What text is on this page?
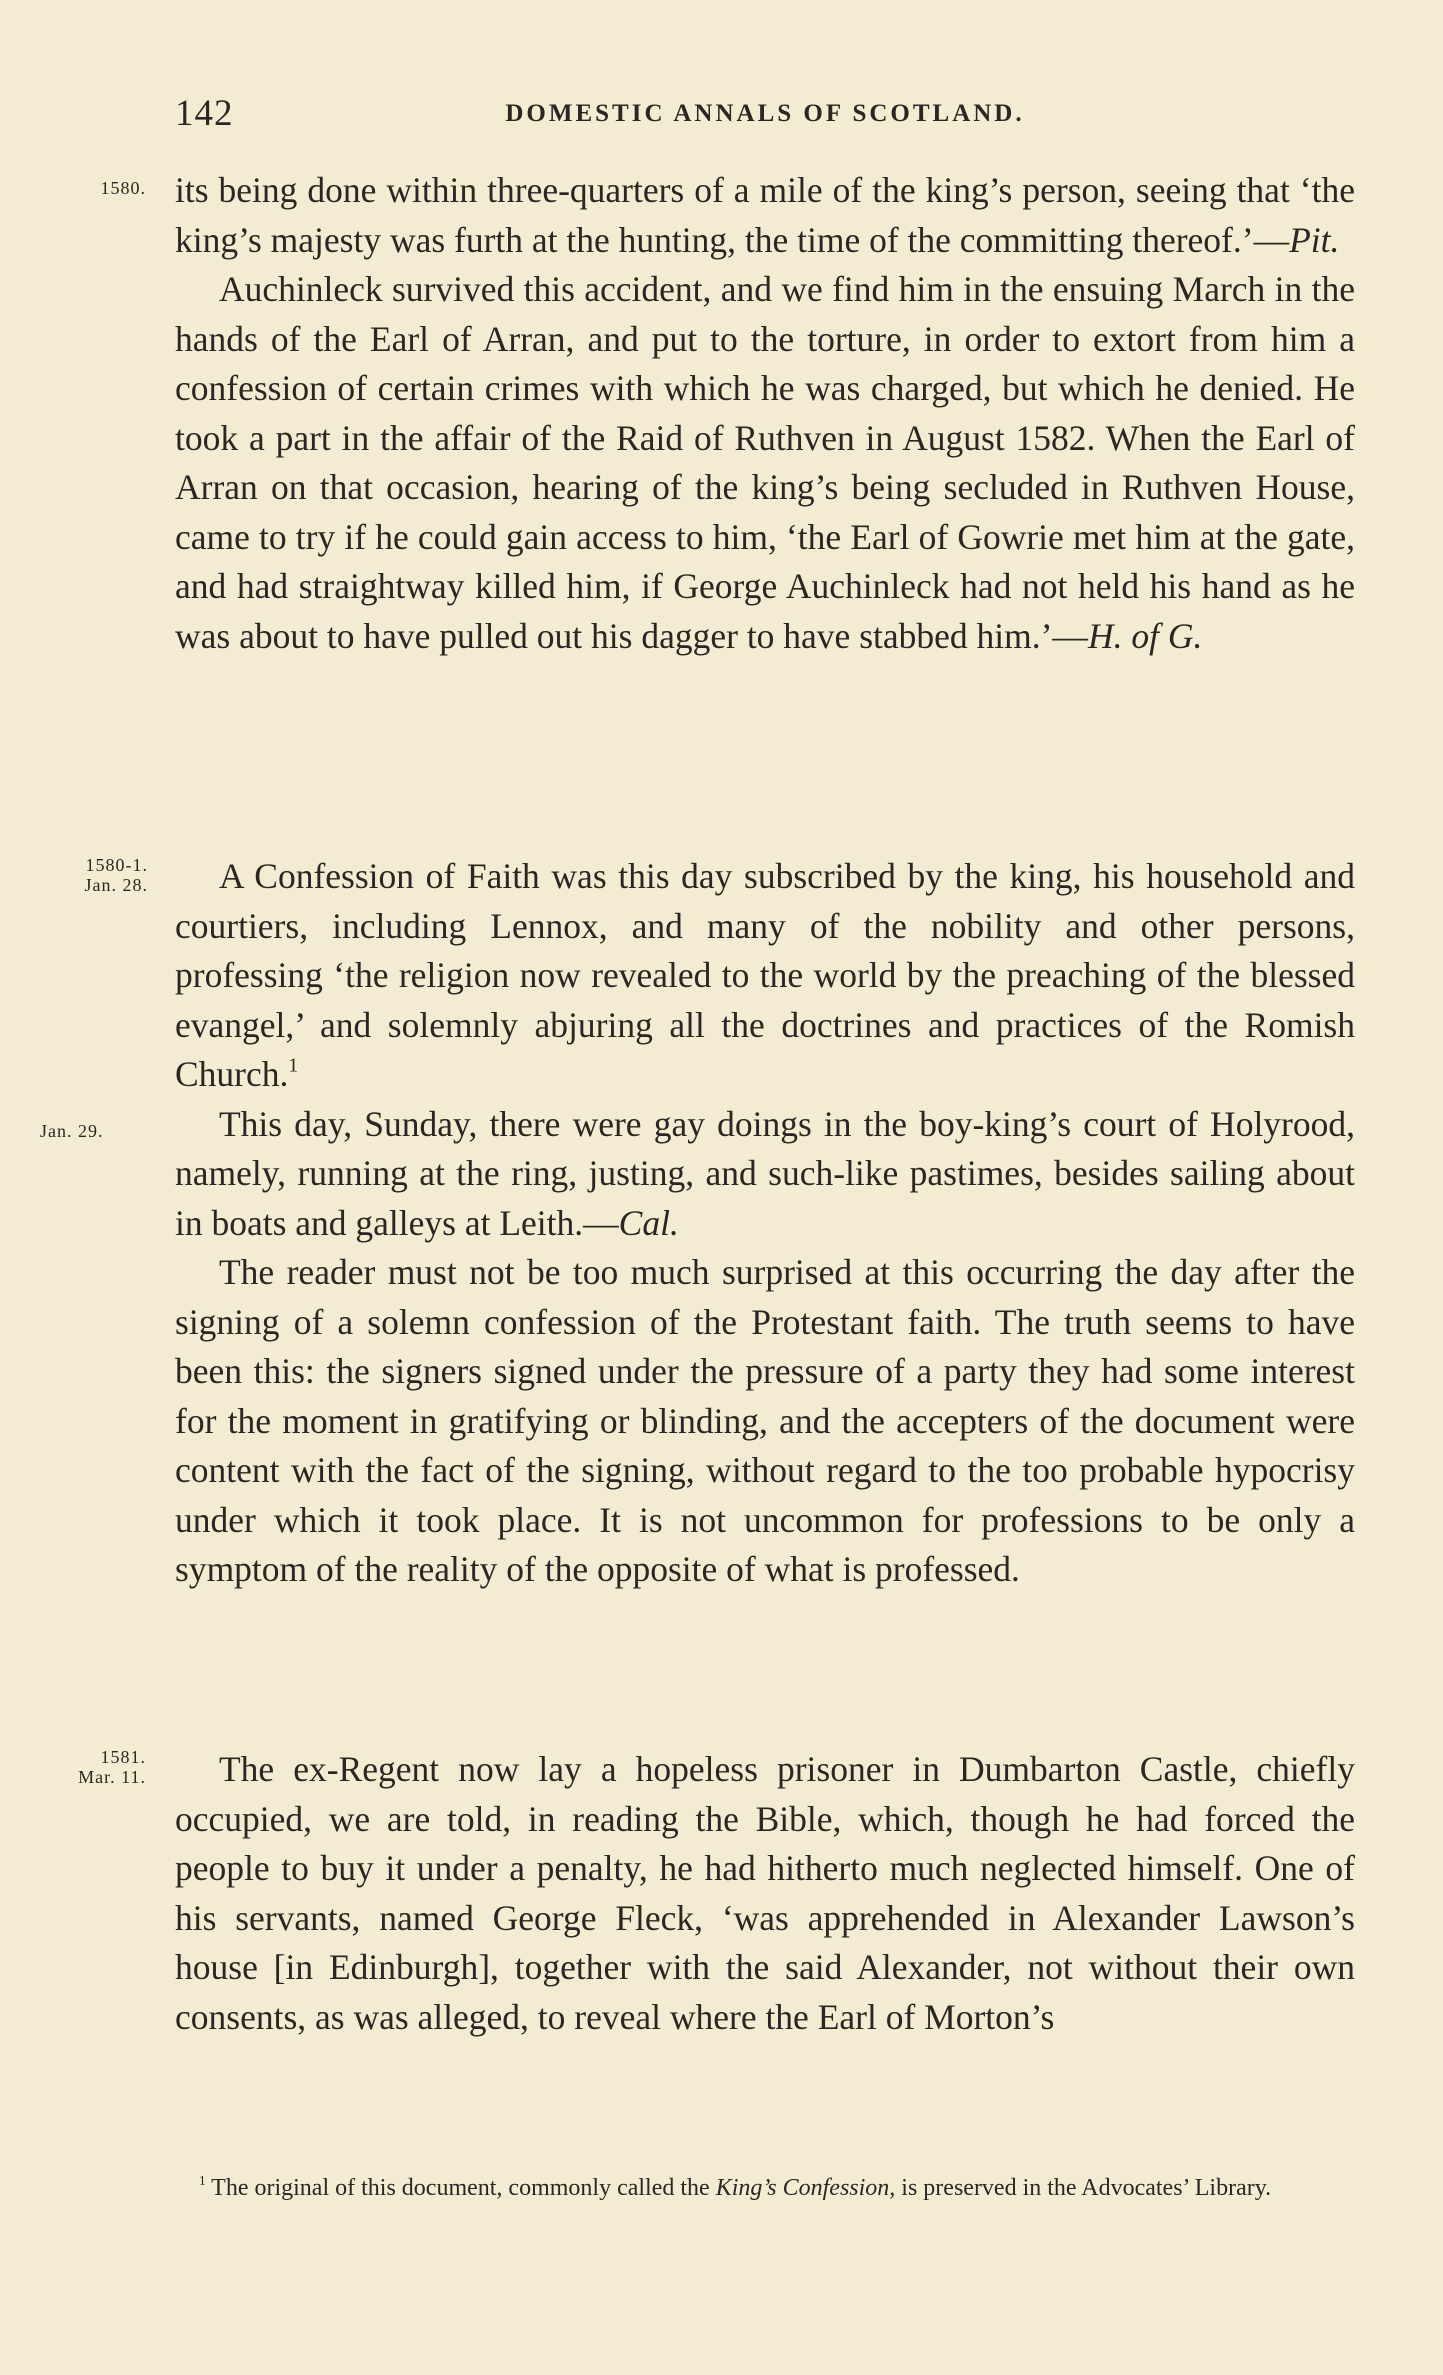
142	DOMESTIC ANNALS OF SCOTLAND.
1580.
1580-1.
Jan. 28.
Jan. 29.
1581.
Mar. 11.

its being done within three-quarters of a mile of the king’s person, seeing that ‘the king’s majesty was furth at the hunting, the time of the committing thereof.’—Pit.

Auchinleck survived this accident, and we find him in the ensuing March in the hands of the Earl of Arran, and put to the torture, in order to extort from him a confession of certain crimes with which he was charged, but which he denied. He took a part in the affair of the Raid of Ruthven in August 1582. When the Earl of Arran on that occasion, hearing of the king’s being secluded in Ruthven House, came to try if he could gain access to him, ‘the Earl of Gowrie met him at the gate, and had straightway killed him, if George Auchinleck had not held his hand as he was about to have pulled out his dagger to have stabbed him.’—H. of G.

A Confession of Faith was this day subscribed by the king, his household and courtiers, including Lennox, and many of the nobility and other persons, professing ‘the religion now revealed to the world by the preaching of the blessed evangel,’ and solemnly abjuring all the doctrines and practices of the Romish Church.$^1$

This day, Sunday, there were gay doings in the boy-king’s court of Holyrood, namely, running at the ring, justing, and such-like pastimes, besides sailing about in boats and galleys at Leith.—Cal.

The reader must not be too much surprised at this occurring the day after the signing of a solemn confession of the Protestant faith. The truth seems to have been this: the signers signed under the pressure of a party they had some interest for the moment in gratifying or blinding, and the accepters of the document were content with the fact of the signing, without regard to the too probable hypocrisy under which it took place. It is not uncommon for professions to be only a symptom of the reality of the opposite of what is professed.

The ex-Regent now lay a hopeless prisoner in Dumbarton Castle, chiefly occupied, we are told, in reading the Bible, which, though he had forced the people to buy it under a penalty, he had hitherto much neglected himself. One of his servants, named George Fleck, ‘was apprehended in Alexander Lawson’s house [in Edinburgh], together with the said Alexander, not without their own consents, as was alleged, to reveal where the Earl of Morton’s

$^1$ The original of this document, commonly called the King’s Confession, is preserved in the Advocates’ Library.
